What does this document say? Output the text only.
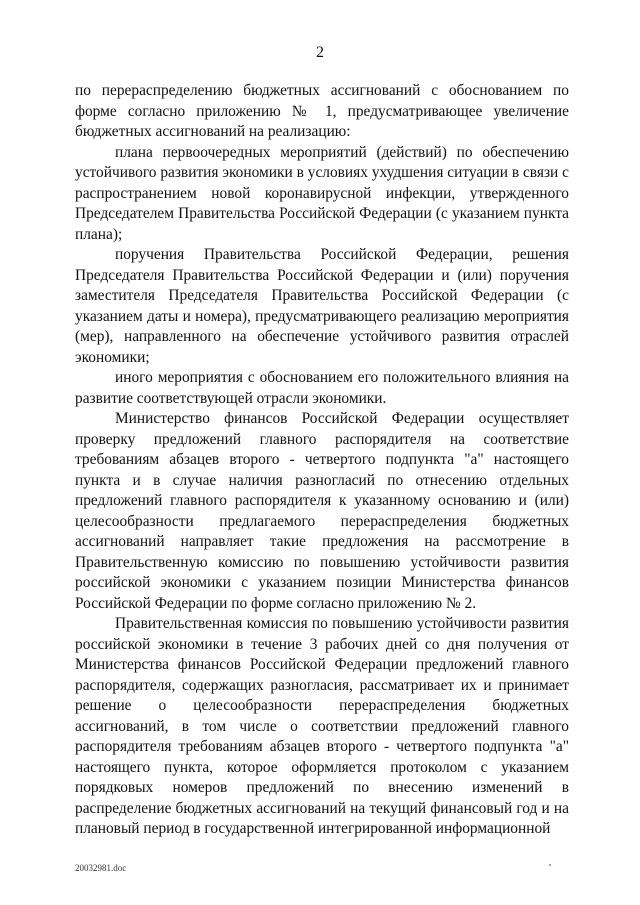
2

по перераспределению бюджетных ассигнований с обоснованием по форме согласно приложению № 1, предусматривающее увеличение бюджетных ассигнований на реализацию:

плана первоочередных мероприятий (действий) по обеспечению устойчивого развития экономики в условиях ухудшения ситуации в связи с распространением новой коронавирусной инфекции, утвержденного Председателем Правительства Российской Федерации (с указанием пункта плана);

поручения Правительства Российской Федерации, решения Председателя Правительства Российской Федерации и (или) поручения заместителя Председателя Правительства Российской Федерации (с указанием даты и номера), предусматривающего реализацию мероприятия (мер), направленного на обеспечение устойчивого развития отраслей экономики;

иного мероприятия с обоснованием его положительного влияния на развитие соответствующей отрасли экономики.

Министерство финансов Российской Федерации осуществляет проверку предложений главного распорядителя на соответствие требованиям абзацев второго - четвертого подпункта "а" настоящего пункта и в случае наличия разногласий по отнесению отдельных предложений главного распорядителя к указанному основанию и (или) целесообразности предлагаемого перераспределения бюджетных ассигнований направляет такие предложения на рассмотрение в Правительственную комиссию по повышению устойчивости развития российской экономики с указанием позиции Министерства финансов Российской Федерации по форме согласно приложению № 2.

Правительственная комиссия по повышению устойчивости развития российской экономики в течение 3 рабочих дней со дня получения от Министерства финансов Российской Федерации предложений главного распорядителя, содержащих разногласия, рассматривает их и принимает решение о целесообразности перераспределения бюджетных ассигнований, в том числе о соответствии предложений главного распорядителя требованиям абзацев второго - четвертого подпункта "а" настоящего пункта, которое оформляется протоколом с указанием порядковых номеров предложений по внесению изменений в распределение бюджетных ассигнований на текущий финансовый год и на плановый период в государственной интегрированной информационной

20032981.doc
